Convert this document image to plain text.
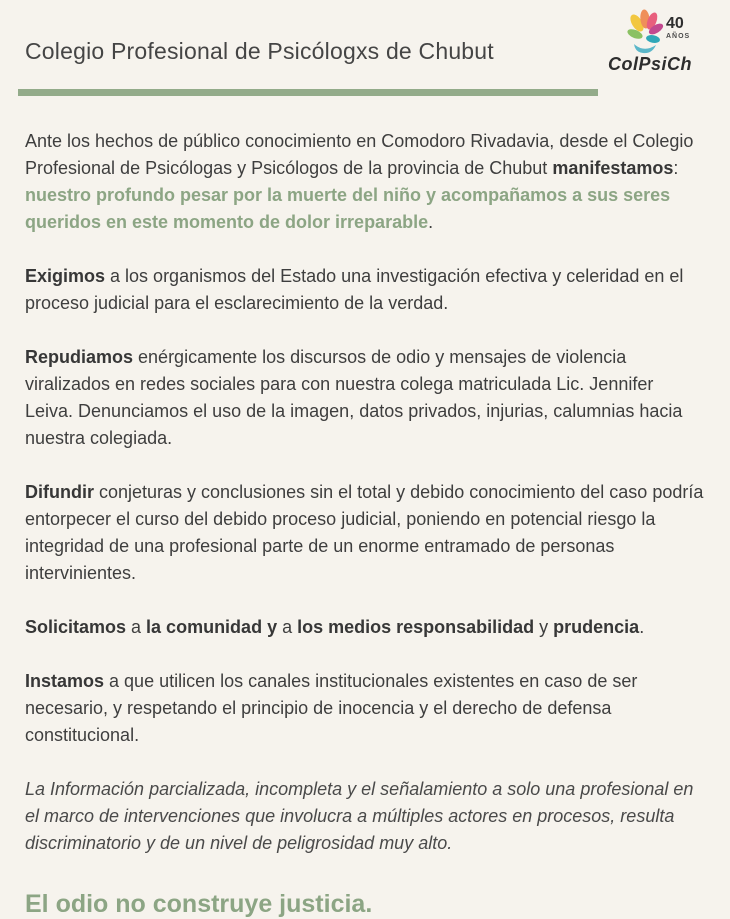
Colegio Profesional de Psicólogxs de Chubut
40
AÑOS
ColPsiCh

Ante los hechos de público conocimiento en Comodoro Rivadavia, desde el Colegio Profesional de Psicólogas y Psicólogos de la provincia de Chubut manifestamos:

nuestro profundo pesar por la muerte del niño y acompañamos a sus seres queridos en este momento de dolor irreparable.

Exigimos a los organismos del Estado una investigación efectiva y celeridad en el proceso judicial para el esclarecimiento de la verdad.

Repudiamos enérgicamente los discursos de odio y mensajes de violencia viralizados en redes sociales para con nuestra colega matriculada Lic. Jennifer Leiva. Denunciamos el uso de la imagen, datos privados, injurias, calumnias hacia nuestra colegiada.

Difundir conjeturas y conclusiones sin el total y debido conocimiento del caso podría entorpecer el curso del debido proceso judicial, poniendo en potencial riesgo la integridad de una profesional parte de un enorme entramado de personas intervinientes.

Solicitamos a la comunidad y a los medios responsabilidad y prudencia.

Instamos a que utilicen los canales institucionales existentes en caso de ser necesario, y respetando el principio de inocencia y el derecho de defensa constitucional.

La Información parcializada, incompleta y el señalamiento a solo una profesional en el marco de intervenciones que involucra a múltiples actores en procesos, resulta discriminatorio y de un nivel de peligrosidad muy alto.

El odio no construye justicia.
